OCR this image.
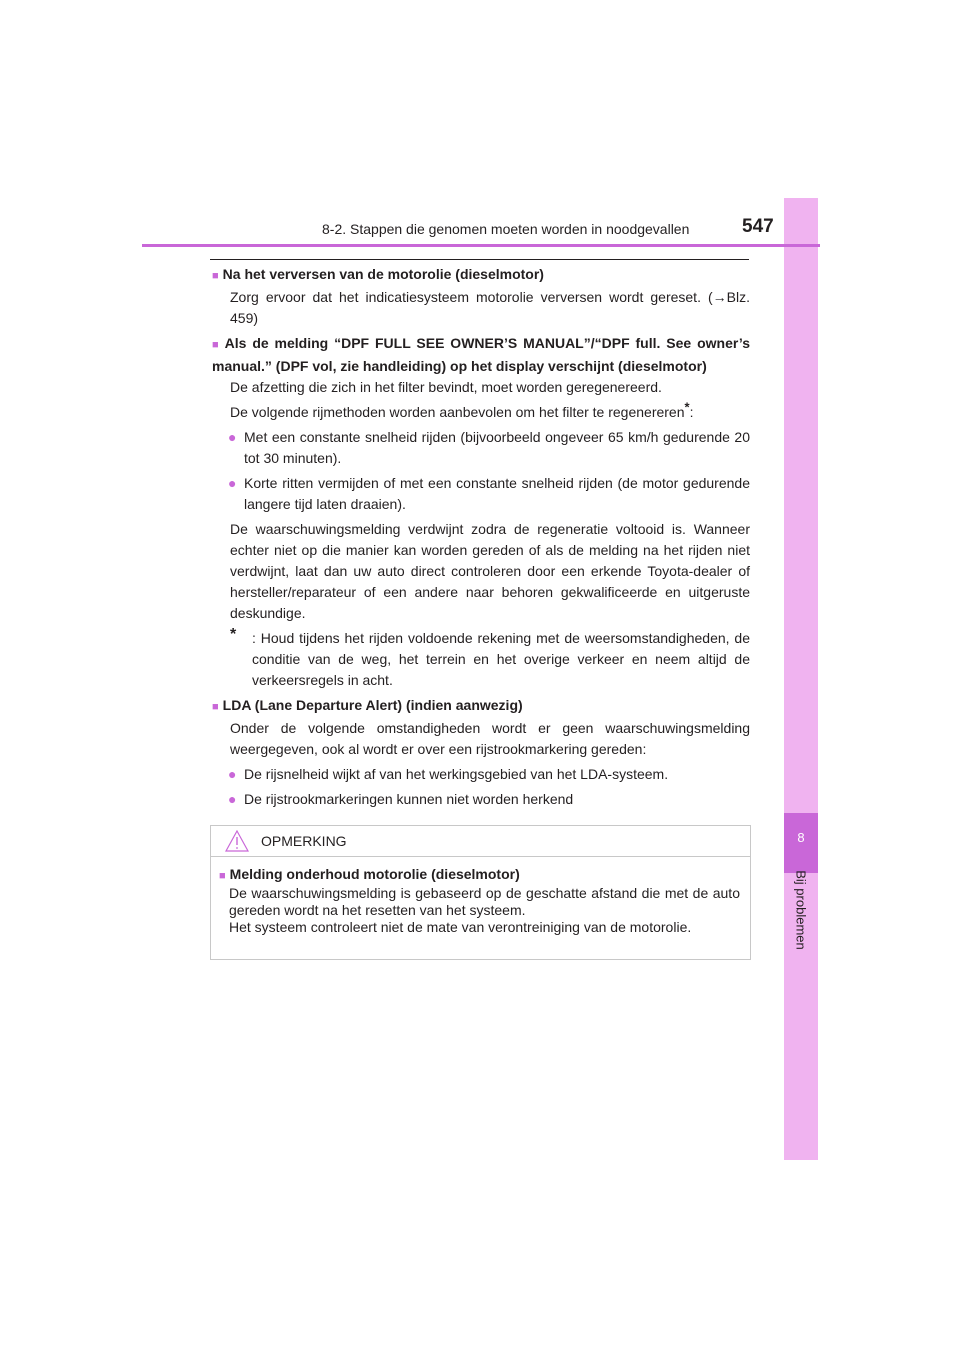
8
Bij problemen
8-2. Stappen die genomen moeten worden in noodgevallen	547
■ Na het verversen van de motorolie (dieselmotor)
Zorg ervoor dat het indicatiesysteem motorolie verversen wordt gereset. (→Blz. 459)
■ Als de melding “DPF FULL SEE OWNER’S MANUAL”/“DPF full. See owner’s manual.” (DPF vol, zie handleiding) op het display verschijnt (dieselmotor)
De afzetting die zich in het filter bevindt, moet worden geregenereerd.
De volgende rijmethoden worden aanbevolen om het filter te regenereren*:
● Met een constante snelheid rijden (bijvoorbeeld ongeveer 65 km/h gedurende 20 tot 30 minuten).
● Korte ritten vermijden of met een constante snelheid rijden (de motor gedurende langere tijd laten draaien).
De waarschuwingsmelding verdwijnt zodra de regeneratie voltooid is. Wanneer echter niet op die manier kan worden gereden of als de melding na het rijden niet verdwijnt, laat dan uw auto direct controleren door een erkende Toyota-dealer of hersteller/reparateur of een andere naar behoren gekwalificeerde en uitgeruste deskundige.
* : Houd tijdens het rijden voldoende rekening met de weersomstandigheden, de conditie van de weg, het terrein en het overige verkeer en neem altijd de verkeersregels in acht.
■ LDA (Lane Departure Alert) (indien aanwezig)
Onder de volgende omstandigheden wordt er geen waarschuwingsmelding weergegeven, ook al wordt er over een rijstrookmarkering gereden:
● De rijsnelheid wijkt af van het werkingsgebied van het LDA-systeem.
● De rijstrookmarkeringen kunnen niet worden herkend
OPMERKING
■ Melding onderhoud motorolie (dieselmotor)
De waarschuwingsmelding is gebaseerd op de geschatte afstand die met de auto gereden wordt na het resetten van het systeem.
Het systeem controleert niet de mate van verontreiniging van de motorolie.
